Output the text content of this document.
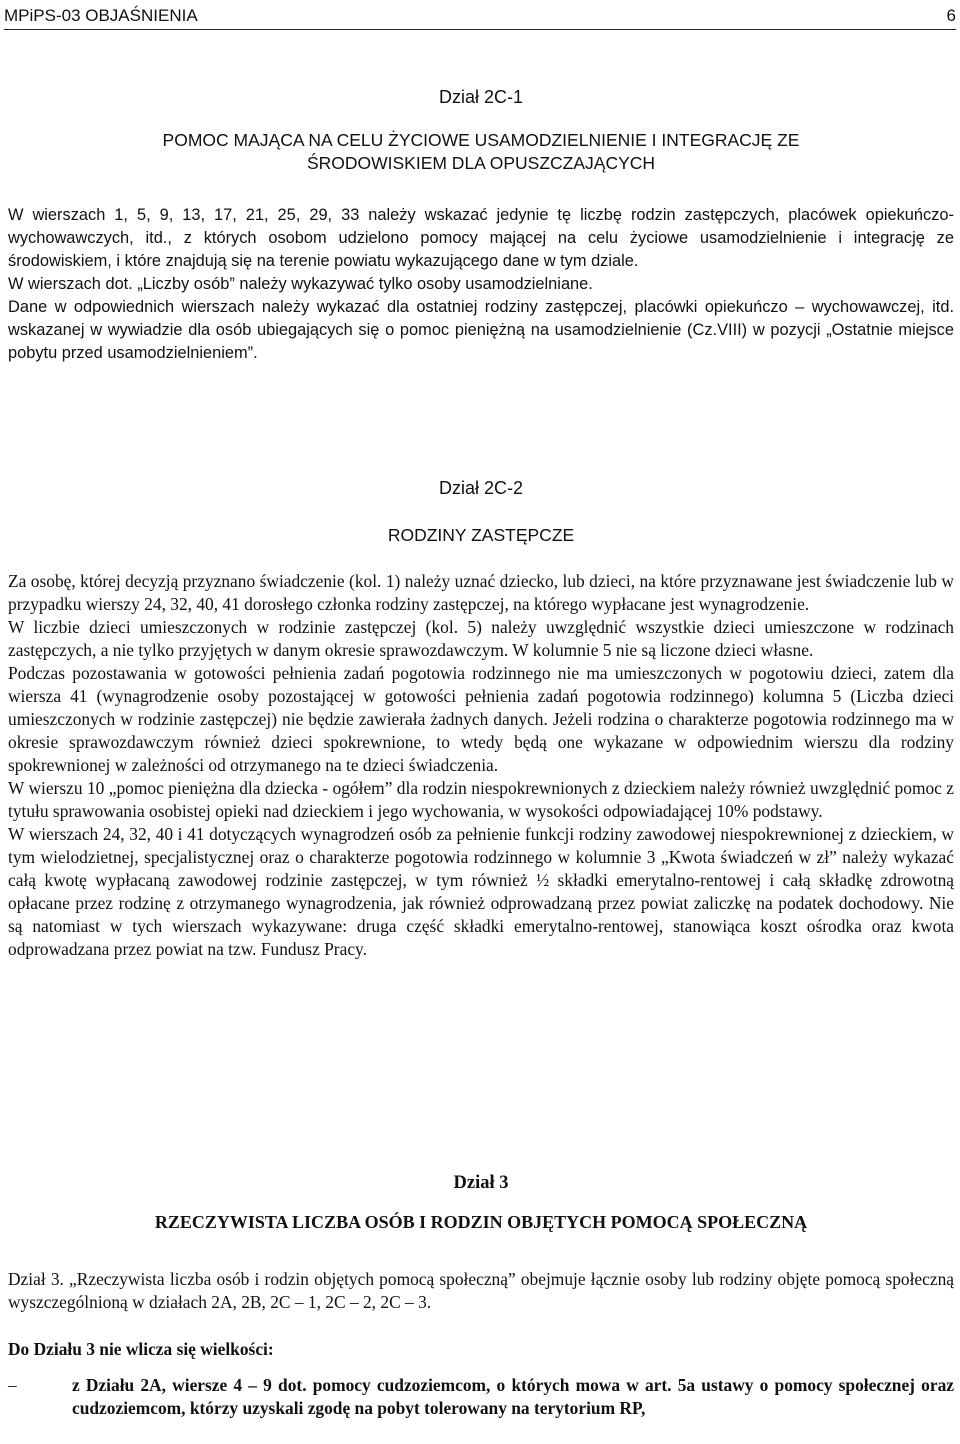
MPiPS-03 OBJAŚNIENIA	6
Dział 2C-1
POMOC MAJĄCA NA CELU ŻYCIOWE USAMODZIELNIENIE I INTEGRACJĘ ZE
ŚRODOWISKIEM DLA OPUSZCZAJĄCYCH

W wierszach 1, 5, 9, 13, 17, 21, 25, 29, 33 należy wskazać jedynie tę liczbę rodzin zastępczych, placówek opiekuńczo-wychowawczych, itd., z których osobom udzielono pomocy mającej na celu życiowe usamodzielnienie i integrację ze środowiskiem, i które znajdują się na terenie powiatu wykazującego dane w tym dziale.

W wierszach dot. „Liczby osób” należy wykazywać tylko osoby usamodzielniane.

Dane w odpowiednich wierszach należy wykazać dla ostatniej rodziny zastępczej, placówki opiekuńczo – wychowawczej, itd. wskazanej w wywiadzie dla osób ubiegających się o pomoc pieniężną na usamodzielnienie (Cz.VIII) w pozycji „Ostatnie miejsce pobytu przed usamodzielnieniem”.

Dział 2C-2
RODZINY ZASTĘPCZE

Za osobę, której decyzją przyznano świadczenie (kol. 1) należy uznać dziecko, lub dzieci, na które przyznawane jest świadczenie lub w przypadku wierszy 24, 32, 40, 41 dorosłego członka rodziny zastępczej, na którego wypłacane jest wynagrodzenie.

W liczbie dzieci umieszczonych w rodzinie zastępczej (kol. 5) należy uwzględnić wszystkie dzieci umieszczone w rodzinach zastępczych, a nie tylko przyjętych w danym okresie sprawozdawczym. W kolumnie 5 nie są liczone dzieci własne.

Podczas pozostawania w gotowości pełnienia zadań pogotowia rodzinnego nie ma umieszczonych w pogotowiu dzieci, zatem dla wiersza 41 (wynagrodzenie osoby pozostającej w gotowości pełnienia zadań pogotowia rodzinnego) kolumna 5 (Liczba dzieci umieszczonych w rodzinie zastępczej) nie będzie zawierała żadnych danych. Jeżeli rodzina o charakterze pogotowia rodzinnego ma w okresie sprawozdawczym również dzieci spokrewnione, to wtedy będą one wykazane w odpowiednim wierszu dla rodziny spokrewnionej w zależności od otrzymanego na te dzieci świadczenia.

W wierszu 10 „pomoc pieniężna dla dziecka - ogółem” dla rodzin niespokrewnionych z dzieckiem należy również uwzględnić pomoc z tytułu sprawowania osobistej opieki nad dzieckiem i jego wychowania, w wysokości odpowiadającej 10% podstawy.

W wierszach 24, 32, 40 i 41 dotyczących wynagrodzeń osób za pełnienie funkcji rodziny zawodowej niespokrewnionej z dzieckiem, w tym wielodzietnej, specjalistycznej oraz o charakterze pogotowia rodzinnego w kolumnie 3 „Kwota świadczeń w zł” należy wykazać całą kwotę wypłacaną zawodowej rodzinie zastępczej, w tym również ½ składki emerytalno-rentowej i całą składkę zdrowotną opłacane przez rodzinę z otrzymanego wynagrodzenia, jak również odprowadzaną przez powiat zaliczkę na podatek dochodowy. Nie są natomiast w tych wierszach wykazywane: druga część składki emerytalno-rentowej, stanowiąca koszt ośrodka oraz kwota odprowadzana przez powiat na tzw. Fundusz Pracy.

Dział 3
RZECZYWISTA LICZBA OSÓB I RODZIN OBJĘTYCH POMOCĄ SPOŁECZNĄ

Dział 3. „Rzeczywista liczba osób i rodzin objętych pomocą społeczną” obejmuje łącznie osoby lub rodziny objęte pomocą społeczną wyszczególnioną w działach 2A, 2B, 2C – 1, 2C – 2, 2C – 3.

Do Działu 3 nie wlicza się wielkości:

–	z Działu 2A, wiersze 4 – 9 dot. pomocy cudzoziemcom, o których mowa w art. 5a ustawy o pomocy społecznej oraz cudzoziemcom, którzy uzyskali zgodę na pobyt tolerowany na terytorium RP,
